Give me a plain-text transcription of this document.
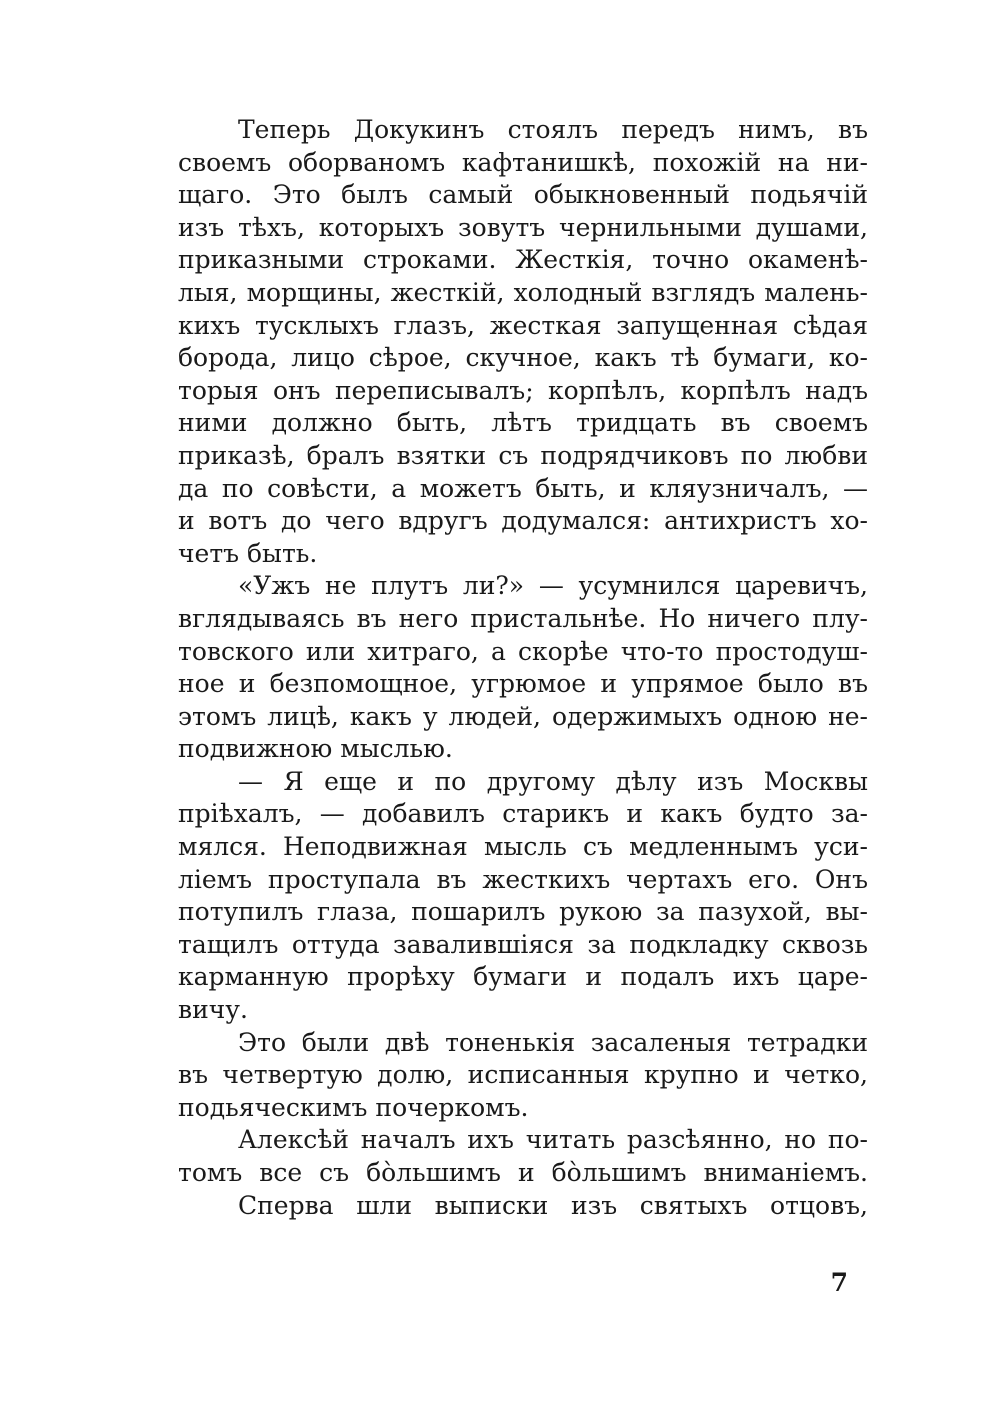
Теперь Докукинъ стоялъ передъ нимъ, въ
своемъ оборваномъ кафтанишкѣ, похожій на ни-
щаго. Это былъ самый обыкновенный подьячій
изъ тѣхъ, которыхъ зовутъ чернильными душами,
приказными строками. Жесткія, точно окаменѣ-
лыя, морщины, жесткій, холодный взглядъ малень-
кихъ тусклыхъ глазъ, жесткая запущенная сѣдая
борода, лицо сѣрое, скучное, какъ тѣ бумаги, ко-
торыя онъ переписывалъ; корпѣлъ, корпѣлъ надъ
ними должно быть, лѣтъ тридцать въ своемъ
приказѣ, бралъ взятки съ подрядчиковъ по любви
да по совѣсти, а можетъ быть, и кляузничалъ, —
и вотъ до чего вдругъ додумался: антихристъ хо-
четъ быть.
«Ужъ не плутъ ли?» — усумнился царевичъ,
вглядываясь въ него пристальнѣе. Но ничего плу-
товского или хитраго, а скорѣе что-то простодуш-
ное и безпомощное, угрюмое и упрямое было въ
этомъ лицѣ, какъ у людей, одержимыхъ одною не-
подвижною мыслью.
— Я еще и по другому дѣлу изъ Москвы
пріѣхалъ, — добавилъ старикъ и какъ будто за-
мялся. Неподвижная мысль съ медленнымъ уси-
ліемъ проступала въ жесткихъ чертахъ его. Онъ
потупилъ глаза, пошарилъ рукою за пазухой, вы-
тащилъ оттуда завалившіяся за подкладку сквозь
карманную прорѣху бумаги и подалъ ихъ царе-
вичу.
Это были двѣ тоненькія засаленыя тетрадки
въ четвертую долю, исписанныя крупно и четко,
подьяческимъ почеркомъ.
Алексѣй началъ ихъ читать разсѣянно, но по-
томъ все съ бо̀льшимъ и бо̀льшимъ вниманіемъ.
Сперва шли выписки изъ святыхъ отцовъ,
7
